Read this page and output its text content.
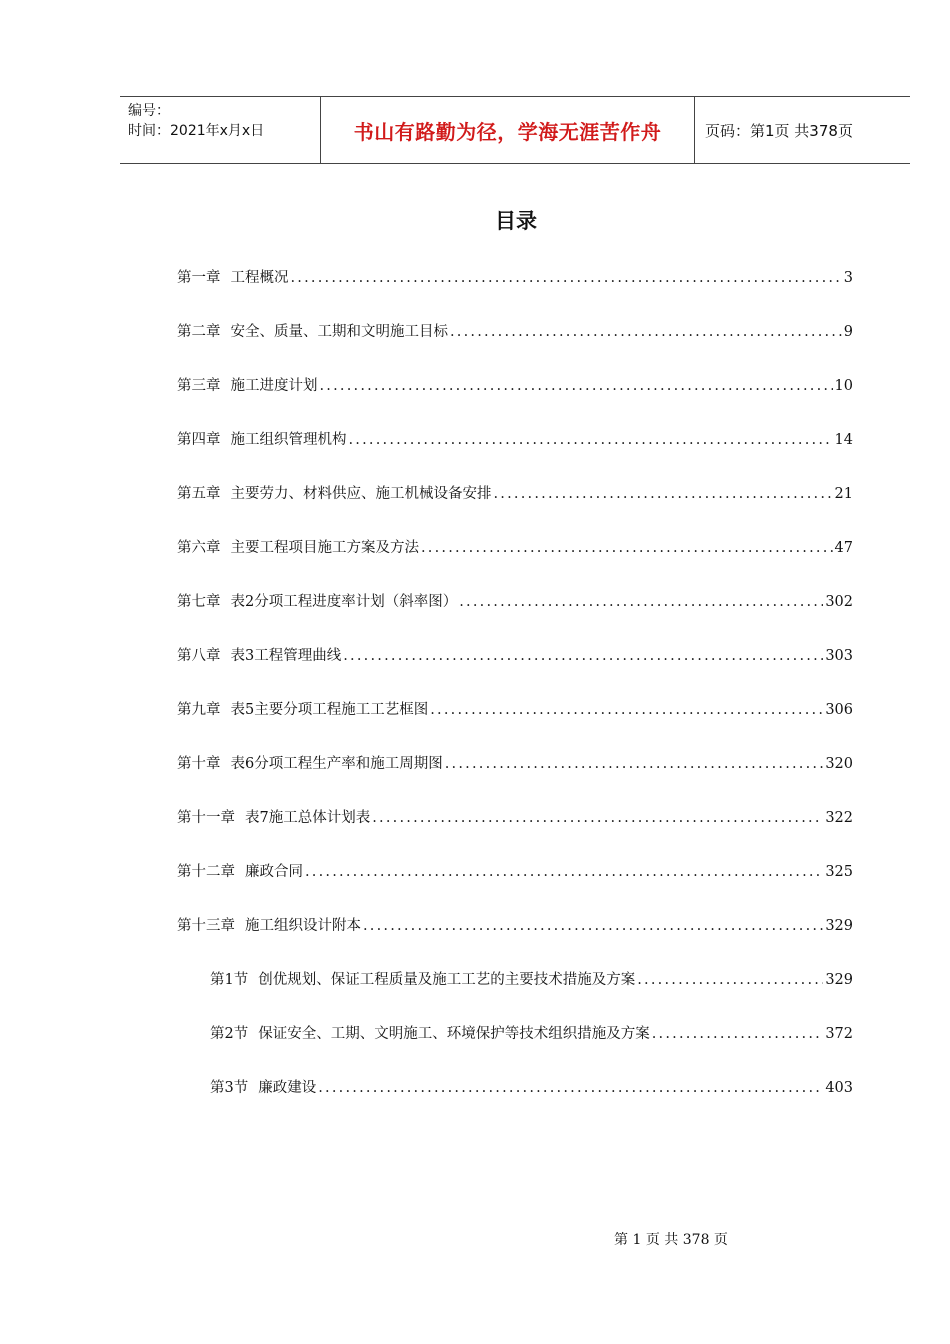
编号：
时间：2021年x月x日	书山有路勤为径，学海无涯苦作舟	页码：第1页 共378页
目录
第一章 工程概况 .....	3
第二章 安全、质量、工期和文明施工目标 .....	9
第三章 施工进度计划 .....	10
第四章 施工组织管理机构 .....	14
第五章 主要劳力、材料供应、施工机械设备安排 .....	21
第六章 主要工程项目施工方案及方法 .....	47
第七章 表2分项工程进度率计划（斜率图） .....	302
第八章 表3工程管理曲线 .....	303
第九章 表5主要分项工程施工工艺框图 .....	306
第十章 表6分项工程生产率和施工周期图 .....	320
第十一章 表7施工总体计划表 .....	322
第十二章 廉政合同 .....	325
第十三章 施工组织设计附本 .....	329
第1节 创优规划、保证工程质量及施工工艺的主要技术措施及方案 .....	329
第2节 保证安全、工期、文明施工、环境保护等技术组织措施及方案 .....	372
第3节 廉政建设 .....	403
第 1 页 共 378 页
